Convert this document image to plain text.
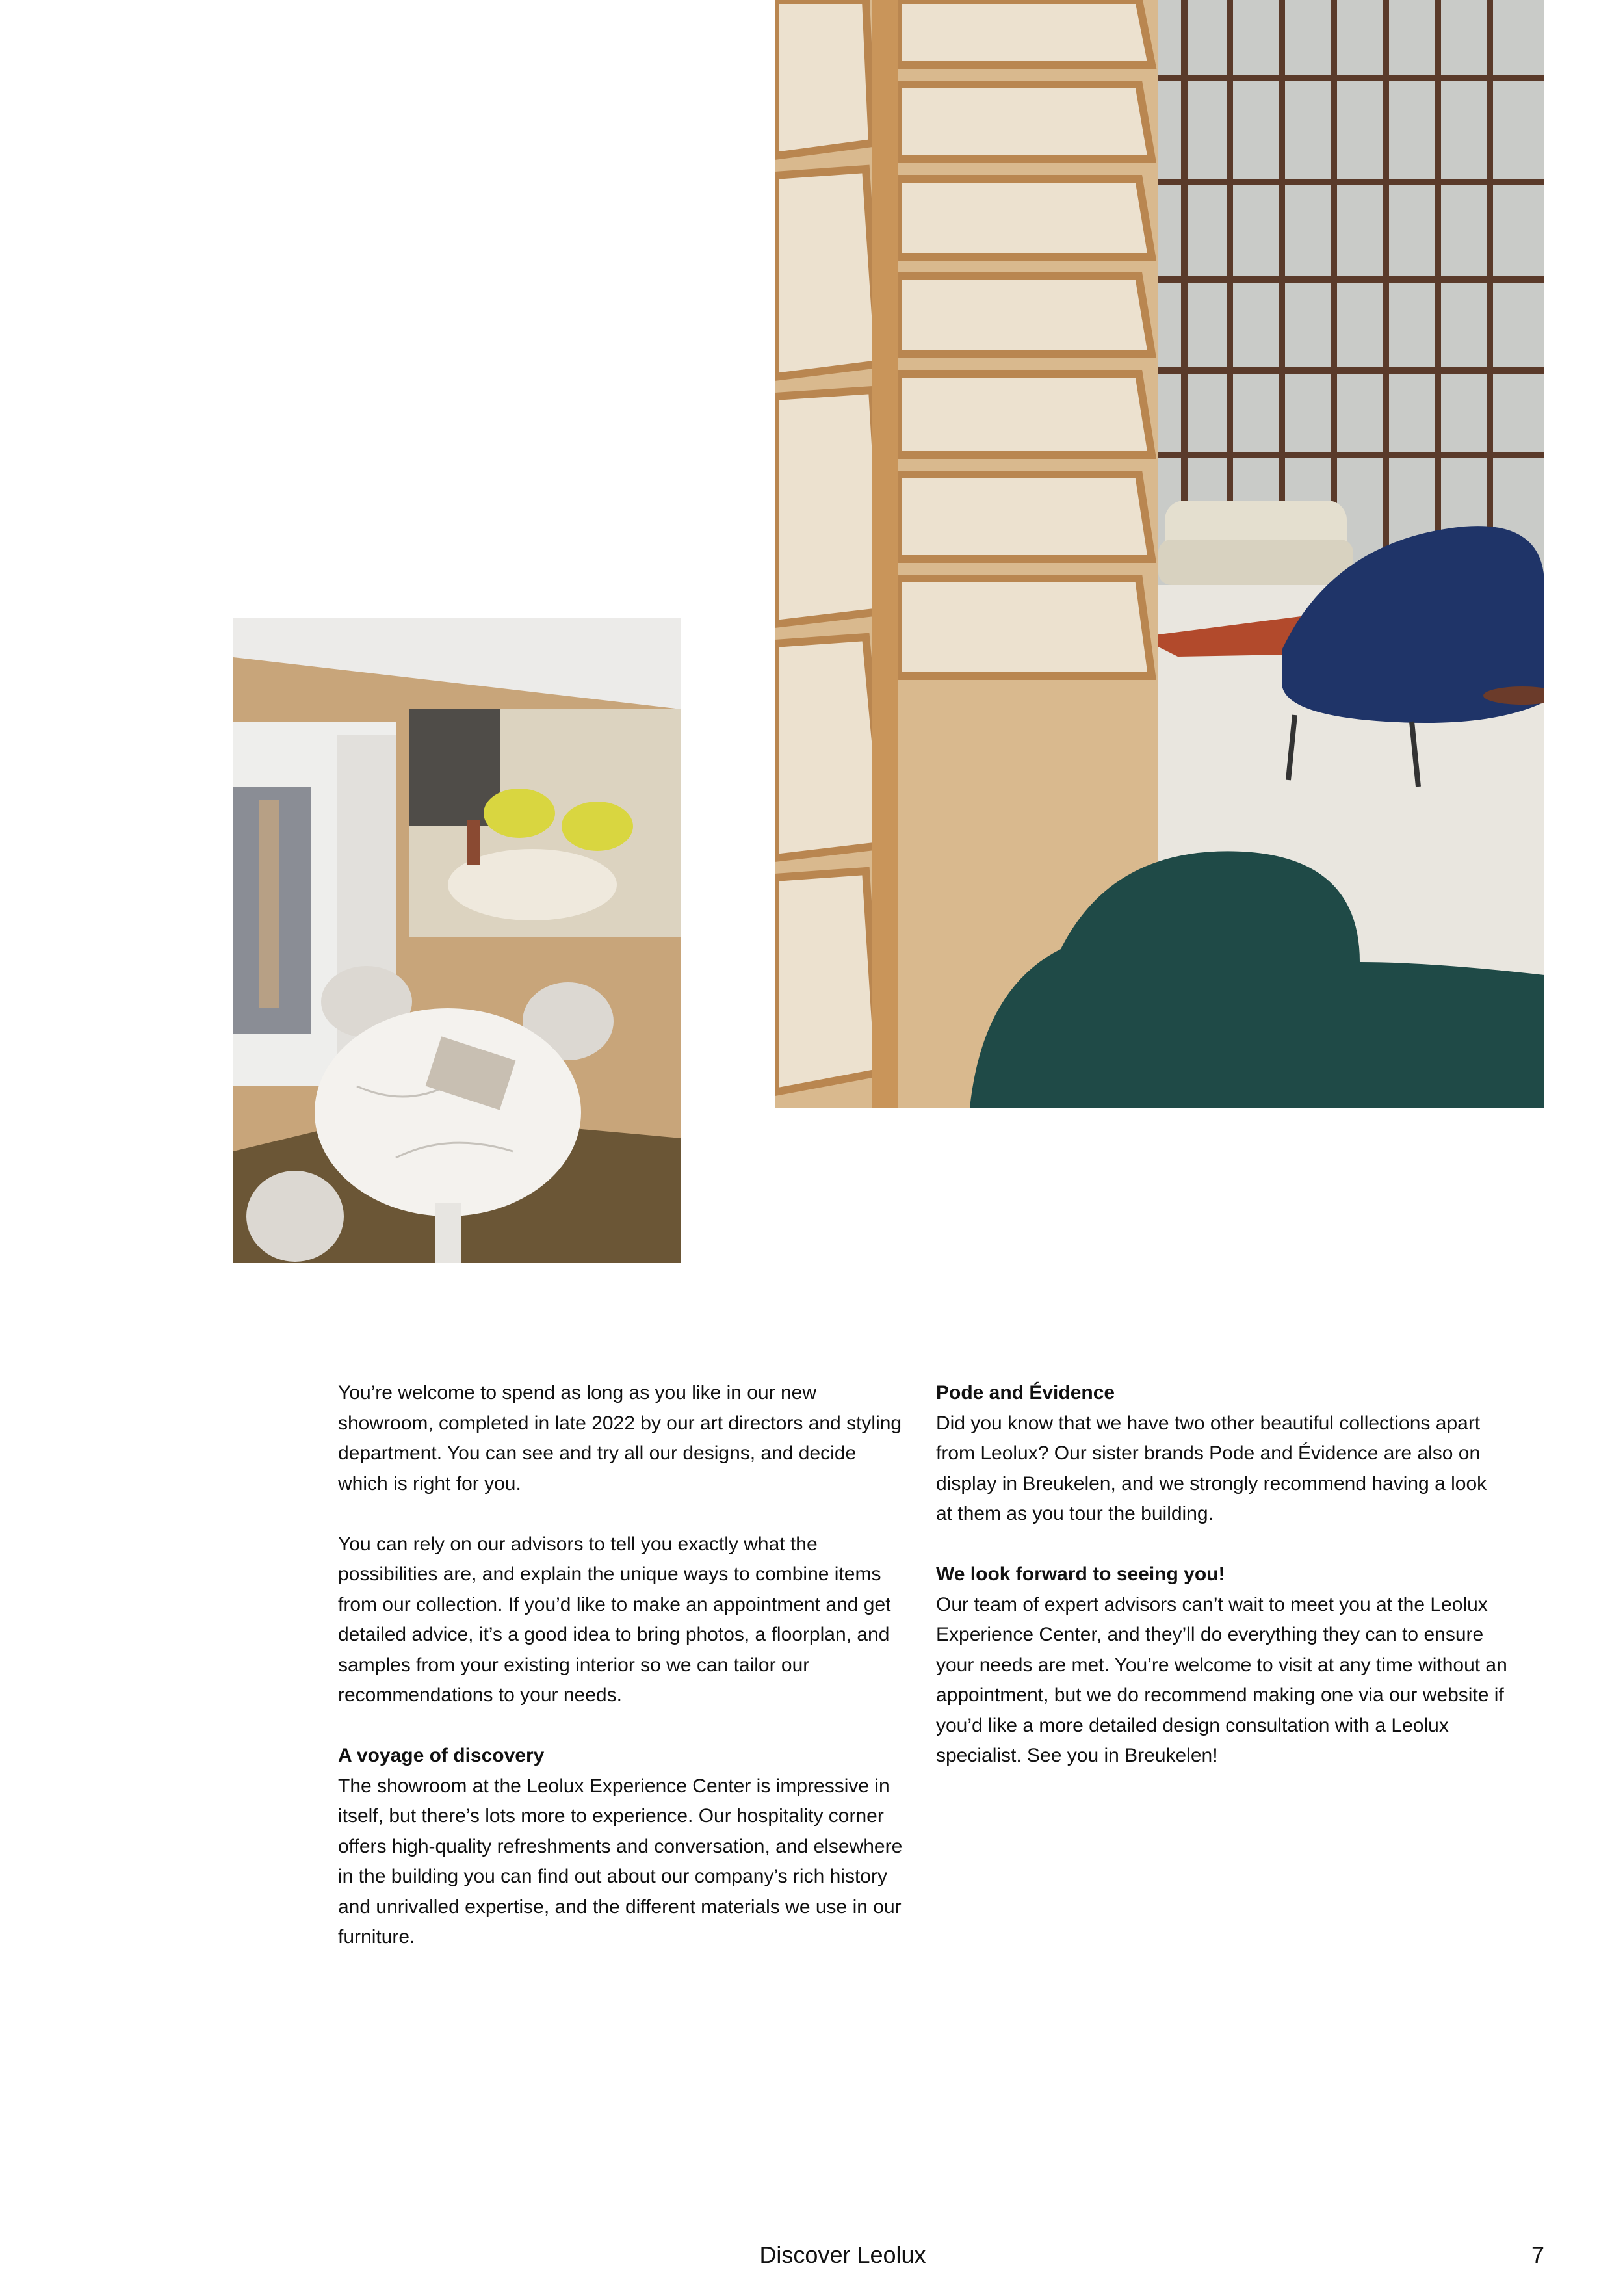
You’re welcome to spend as long as you like in our new showroom, completed in late 2022 by our art directors and styling department. You can see and try all our designs, and decide which is right for you.

You can rely on our advisors to tell you exactly what the possibilities are, and explain the unique ways to combine items from our collection. If you’d like to make an appointment and get detailed advice, it’s a good idea to bring photos, a floorplan, and samples from your existing interior so we can tailor our recommendations to your needs.

A voyage of discovery

The showroom at the Leolux Experience Center is impressive in itself, but there’s lots more to experience. Our hospitality corner offers high-quality refreshments and conversation, and elsewhere in the building you can find out about our company’s rich history and unrivalled expertise, and the different materials we use in our furniture.

Pode and Évidence

Did you know that we have two other beautiful collections apart from Leolux? Our sister brands Pode and Évidence are also on display in Breukelen, and we strongly recommend having a look at them as you tour the building.

We look forward to seeing you!

Our team of expert advisors can’t wait to meet you at the Leolux Experience Center, and they’ll do everything they can to ensure your needs are met. You’re welcome to visit at any time without an appointment, but we do recommend making one via our website if you’d like a more detailed design consultation with a Leolux specialist. See you in Breukelen!

Discover Leolux	7
